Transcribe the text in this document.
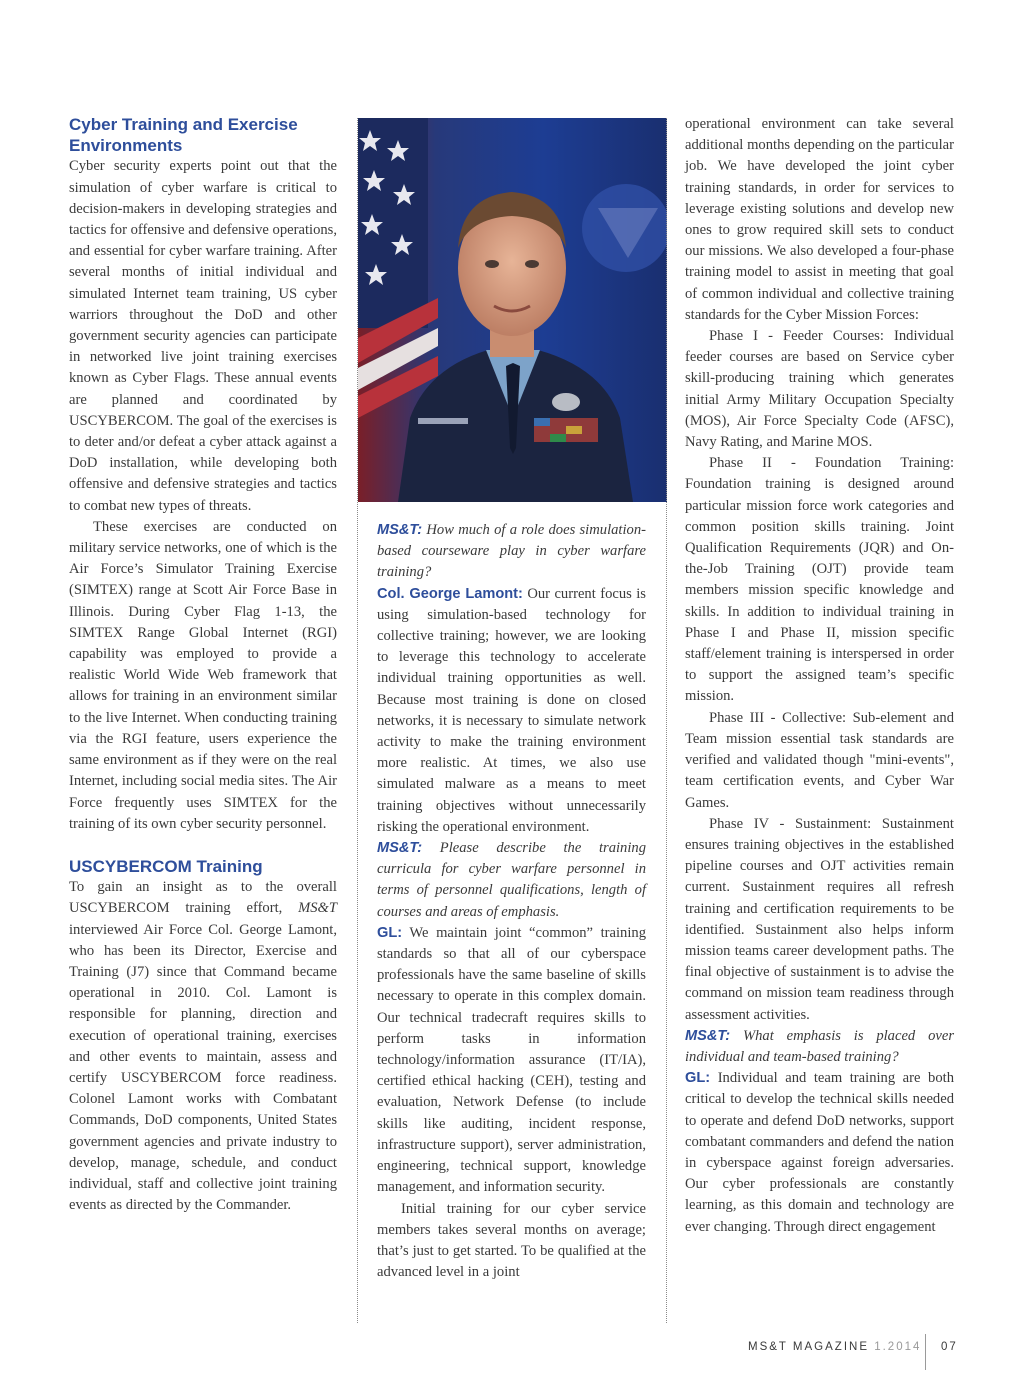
Cyber Training and Exercise Environments

Cyber security experts point out that the simulation of cyber warfare is critical to decision-makers in developing strategies and tactics for offensive and defensive operations, and essential for cyber warfare training. After several months of initial individual and simulated Internet team training, US cyber warriors throughout the DoD and other government security agencies can participate in networked live joint training exercises known as Cyber Flags. These annual events are planned and coordinated by USCYBERCOM. The goal of the exercises is to deter and/or defeat a cyber attack against a DoD installation, while developing both offensive and defensive strategies and tactics to combat new types of threats.

These exercises are conducted on military service networks, one of which is the Air Force’s Simulator Training Exercise (SIMTEX) range at Scott Air Force Base in Illinois. During Cyber Flag 1-13, the SIMTEX Range Global Internet (RGI) capability was employed to provide a realistic World Wide Web framework that allows for training in an environment similar to the live Internet. When conducting training via the RGI feature, users experience the same environment as if they were on the real Internet, including social media sites. The Air Force frequently uses SIMTEX for the training of its own cyber security personnel.

USCYBERCOM Training

To gain an insight as to the overall USCYBERCOM training effort, MS&T interviewed Air Force Col. George Lamont, who has been its Director, Exercise and Training (J7) since that Command became operational in 2010. Col. Lamont is responsible for planning, direction and execution of operational training, exercises and other events to maintain, assess and certify USCYBERCOM force readiness. Colonel Lamont works with Combatant Commands, DoD components, United States government agencies and private industry to develop, manage, schedule, and conduct individual, staff and collective joint training events as directed by the Commander.

MS&T: How much of a role does simulation-based courseware play in cyber warfare training?

Col. George Lamont: Our current focus is using simulation-based technology for collective training; however, we are looking to leverage this technology to accelerate individual training opportunities as well. Because most training is done on closed networks, it is necessary to simulate network activity to make the training environment more realistic. At times, we also use simulated malware as a means to meet training objectives without unnecessarily risking the operational environment.

MS&T: Please describe the training curricula for cyber warfare personnel in terms of personnel qualifications, length of courses and areas of emphasis.

GL: We maintain joint “common” training standards so that all of our cyberspace professionals have the same baseline of skills necessary to operate in this complex domain. Our technical tradecraft requires skills to perform tasks in information technology/information assurance (IT/IA), certified ethical hacking (CEH), testing and evaluation, Network Defense (to include skills like auditing, incident response, infrastructure support), server administration, engineering, technical support, knowledge management, and information security.

Initial training for our cyber service members takes several months on average; that’s just to get started. To be qualified at the advanced level in a joint

operational environment can take several additional months depending on the particular job. We have developed the joint cyber training standards, in order for services to leverage existing solutions and develop new ones to grow required skill sets to conduct our missions. We also developed a four-phase training model to assist in meeting that goal of common individual and collective training standards for the Cyber Mission Forces:

Phase I - Feeder Courses: Individual feeder courses are based on Service cyber skill-producing training which generates initial Army Military Occupation Specialty (MOS), Air Force Specialty Code (AFSC), Navy Rating, and Marine MOS.

Phase II - Foundation Training: Foundation training is designed around particular mission force work categories and common position skills training. Joint Qualification Requirements (JQR) and On-the-Job Training (OJT) provide team members mission specific knowledge and skills. In addition to individual training in Phase I and Phase II, mission specific staff/element training is interspersed in order to support the assigned team’s specific mission.

Phase III - Collective: Sub-element and Team mission essential task standards are verified and validated though "mini-events", team certification events, and Cyber War Games.

Phase IV - Sustainment: Sustainment ensures training objectives in the established pipeline courses and OJT activities remain current. Sustainment requires all refresh training and certification requirements to be identified. Sustainment also helps inform mission teams career development paths. The final objective of sustainment is to advise the command on mission team readiness through assessment activities.

MS&T: What emphasis is placed over individual and team-based training?

GL: Individual and team training are both critical to develop the technical skills needed to operate and defend DoD networks, support combatant commanders and defend the nation in cyberspace against foreign adversaries. Our cyber professionals are constantly learning, as this domain and technology are ever changing. Through direct engagement

MS&T MAGAZINE 1.2014 07
